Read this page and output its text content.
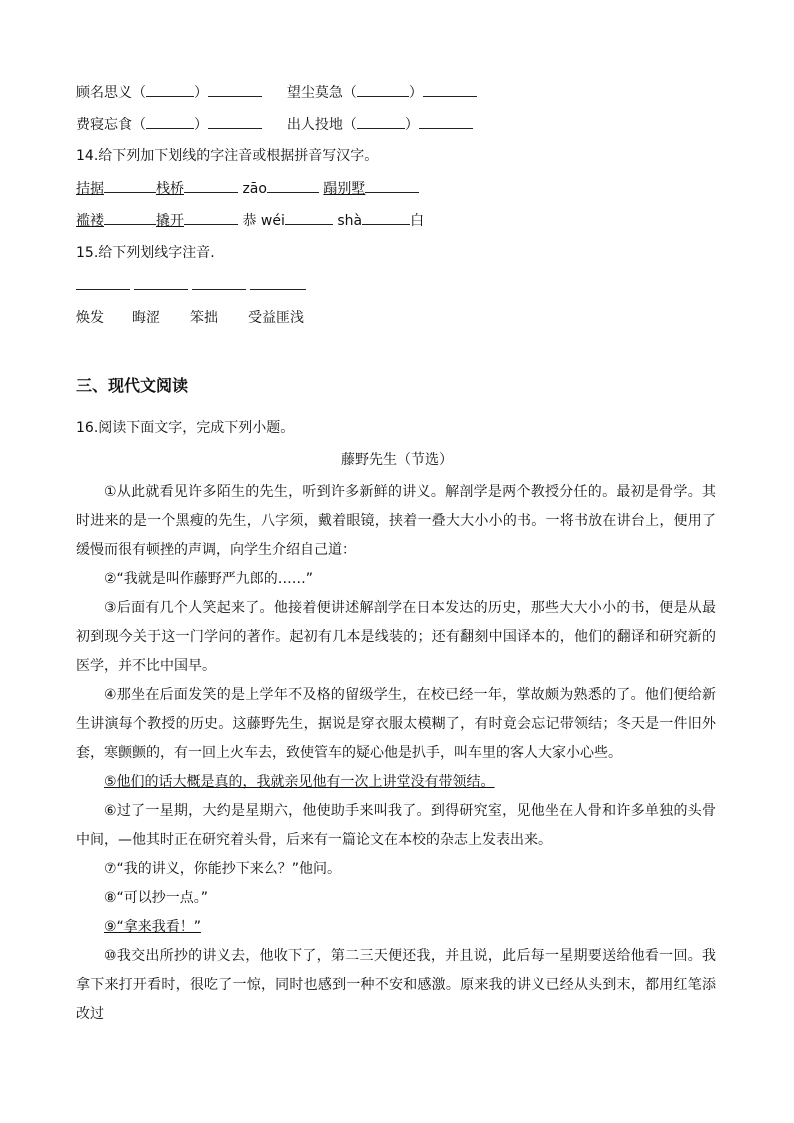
顾名思义（	）	望尘莫急（	）
费寝忘食（	）	出人投地（	）
14.给下列加下划线的字注音或根据拼音写汉字。
拮据	栈桥	zāo	蹋别墅
褴褛	撬开	恭 wéi	shà	白
15.给下列划线字注音.
焕发 晦涩 笨拙 受益匪浅
三、现代文阅读
16.阅读下面文字，完成下列小题。
藤野先生（节选）

①从此就看见许多陌生的先生，听到许多新鲜的讲义。解剖学是两个教授分任的。最初是骨学。其时进来的是一个黑瘦的先生，八字须，戴着眼镜，挟着一叠大大小小的书。一将书放在讲台上，便用了缓慢而很有顿挫的声调，向学生介绍自己道：

②“我就是叫作藤野严九郎的……”

③后面有几个人笑起来了。他接着便讲述解剖学在日本发达的历史，那些大大小小的书，便是从最初到现今关于这一门学问的著作。起初有几本是线装的；还有翻刻中国译本的，他们的翻译和研究新的医学，并不比中国早。

④那坐在后面发笑的是上学年不及格的留级学生，在校已经一年，掌故颇为熟悉的了。他们便给新生讲演每个教授的历史。这藤野先生，据说是穿衣服太模糊了，有时竟会忘记带领结；冬天是一件旧外套，寒颤颤的，有一回上火车去，致使管车的疑心他是扒手，叫车里的客人大家小心些。

⑤他们的话大概是真的，我就亲见他有一次上讲堂没有带领结。

⑥过了一星期，大约是星期六，他使助手来叫我了。到得研究室，见他坐在人骨和许多单独的头骨中间，—他其时正在研究着头骨，后来有一篇论文在本校的杂志上发表出来。

⑦“我的讲义，你能抄下来么？”他问。

⑧“可以抄一点。”

⑨“拿来我看！”

⑩我交出所抄的讲义去，他收下了，第二三天便还我，并且说，此后每一星期要送给他看一回。我拿下来打开看时，很吃了一惊，同时也感到一种不安和感激。原来我的讲义已经从头到末，都用红笔添改过
